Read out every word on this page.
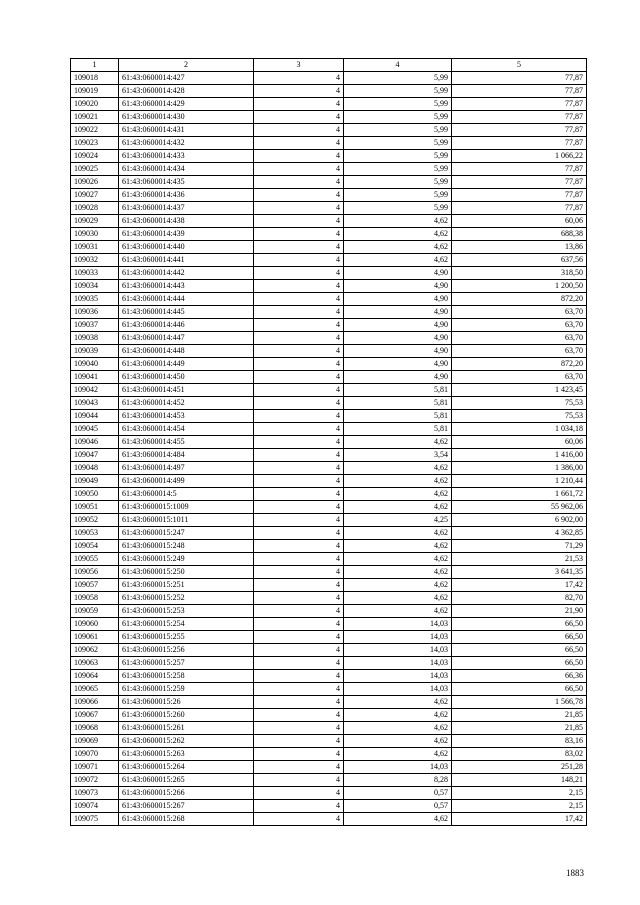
1	2	3	4	5
109018	61:43:0600014:427	4	5,99	77,87
109019	61:43:0600014:428	4	5,99	77,87
109020	61:43:0600014:429	4	5,99	77,87
109021	61:43:0600014:430	4	5,99	77,87
109022	61:43:0600014:431	4	5,99	77,87
109023	61:43:0600014:432	4	5,99	77,87
109024	61:43:0600014:433	4	5,99	1 066,22
109025	61:43:0600014:434	4	5,99	77,87
109026	61:43:0600014:435	4	5,99	77,87
109027	61:43:0600014:436	4	5,99	77,87
109028	61:43:0600014:437	4	5,99	77,87
109029	61:43:0600014:438	4	4,62	60,06
109030	61:43:0600014:439	4	4,62	688,38
109031	61:43:0600014:440	4	4,62	13,86
109032	61:43:0600014:441	4	4,62	637,56
109033	61:43:0600014:442	4	4,90	318,50
109034	61:43:0600014:443	4	4,90	1 200,50
109035	61:43:0600014:444	4	4,90	872,20
109036	61:43:0600014:445	4	4,90	63,70
109037	61:43:0600014:446	4	4,90	63,70
109038	61:43:0600014:447	4	4,90	63,70
109039	61:43:0600014:448	4	4,90	63,70
109040	61:43:0600014:449	4	4,90	872,20
109041	61:43:0600014:450	4	4,90	63,70
109042	61:43:0600014:451	4	5,81	1 423,45
109043	61:43:0600014:452	4	5,81	75,53
109044	61:43:0600014:453	4	5,81	75,53
109045	61:43:0600014:454	4	5,81	1 034,18
109046	61:43:0600014:455	4	4,62	60,06
109047	61:43:0600014:484	4	3,54	1 416,00
109048	61:43:0600014:497	4	4,62	1 386,00
109049	61:43:0600014:499	4	4,62	1 210,44
109050	61:43:0600014:5	4	4,62	1 661,72
109051	61:43:0600015:1009	4	4,62	55 962,06
109052	61:43:0600015:1011	4	4,25	6 902,00
109053	61:43:0600015:247	4	4,62	4 362,85
109054	61:43:0600015:248	4	4,62	71,29
109055	61:43:0600015:249	4	4,62	21,53
109056	61:43:0600015:250	4	4,62	3 641,35
109057	61:43:0600015:251	4	4,62	17,42
109058	61:43:0600015:252	4	4,62	82,70
109059	61:43:0600015:253	4	4,62	21,90
109060	61:43:0600015:254	4	14,03	66,50
109061	61:43:0600015:255	4	14,03	66,50
109062	61:43:0600015:256	4	14,03	66,50
109063	61:43:0600015:257	4	14,03	66,50
109064	61:43:0600015:258	4	14,03	66,36
109065	61:43:0600015:259	4	14,03	66,50
109066	61:43:0600015:26	4	4,62	1 566,78
109067	61:43:0600015:260	4	4,62	21,85
109068	61:43:0600015:261	4	4,62	21,85
109069	61:43:0600015:262	4	4,62	83,16
109070	61:43:0600015:263	4	4,62	83,02
109071	61:43:0600015:264	4	14,03	251,28
109072	61:43:0600015:265	4	8,28	148,21
109073	61:43:0600015:266	4	0,57	2,15
109074	61:43:0600015:267	4	0,57	2,15
109075	61:43:0600015:268	4	4,62	17,42
1883
